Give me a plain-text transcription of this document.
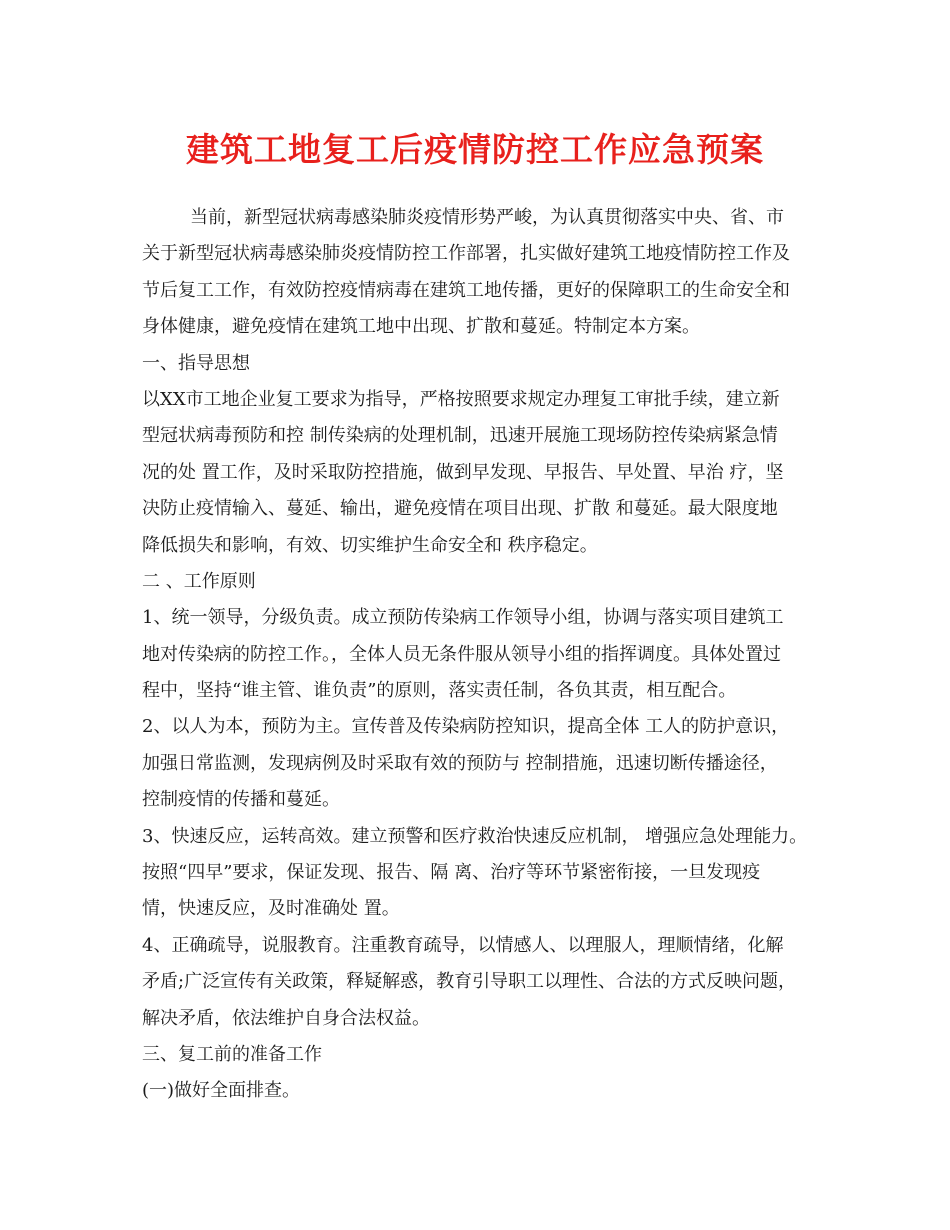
建筑工地复工后疫情防控工作应急预案
当前，新型冠状病毒感染肺炎疫情形势严峻，为认真贯彻落实中央、省、市
关于新型冠状病毒感染肺炎疫情防控工作部署，扎实做好建筑工地疫情防控工作及
节后复工工作，有效防控疫情病毒在建筑工地传播，更好的保障职工的生命安全和
身体健康，避免疫情在建筑工地中出现、扩散和蔓延。特制定本方案。
一、指导思想
以XX市工地企业复工要求为指导，严格按照要求规定办理复工审批手续，建立新
型冠状病毒预防和控 制传染病的处理机制，迅速开展施工现场防控传染病紧急情
况的处 置工作，及时采取防控措施，做到早发现、早报告、早处置、早治 疗，坚
决防止疫情输入、蔓延、输出，避免疫情在项目出现、扩散 和蔓延。最大限度地
降低损失和影响，有效、切实维护生命安全和 秩序稳定。
二 、工作原则
1、统一领导，分级负责。成立预防传染病工作领导小组，协调与落实项目建筑工
地对传染病的防控工作。，全体人员无条件服从领导小组的指挥调度。具体处置过
程中，坚持“谁主管、谁负责”的原则，落实责任制，各负其责，相互配合。
2、以人为本，预防为主。宣传普及传染病防控知识，提高全体 工人的防护意识，
加强日常监测，发现病例及时采取有效的预防与 控制措施，迅速切断传播途径，
控制疫情的传播和蔓延。
3、快速反应，运转高效。建立预警和医疗救治快速反应机制， 增强应急处理能力。
按照“四早”要求，保证发现、报告、隔 离、治疗等环节紧密衔接，一旦发现疫
情，快速反应，及时准确处 置。
4、正确疏导，说服教育。注重教育疏导，以情感人、以理服人，理顺情绪，化解
矛盾;广泛宣传有关政策，释疑解惑，教育引导职工以理性、合法的方式反映问题，
解决矛盾，依法维护自身合法权益。
三、复工前的准备工作
(一)做好全面排查。
